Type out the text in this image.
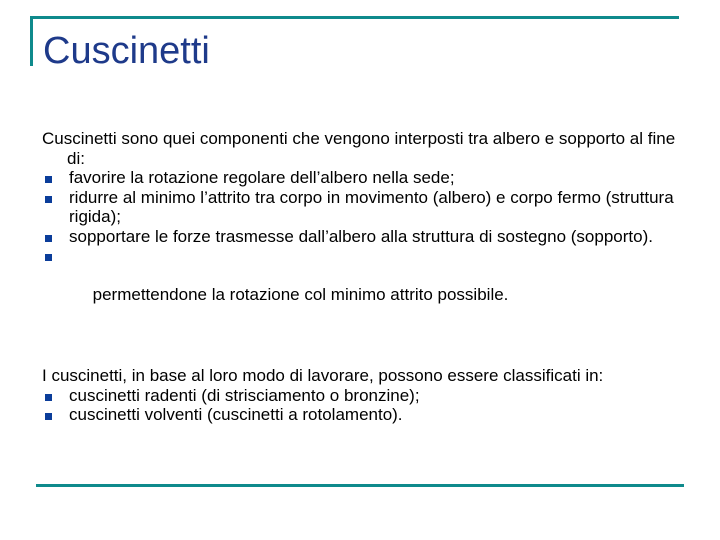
Cuscinetti

Cuscinetti sono quei componenti che vengono interposti tra albero e sopporto al fine di:

favorire la rotazione regolare dell’albero nella sede;

ridurre al minimo l’attrito tra corpo in movimento (albero) e corpo fermo (struttura rigida);

sopportare le forze trasmesse dall’albero alla struttura di sostegno (sopporto).

permettendone la rotazione col minimo attrito possibile.

I cuscinetti, in base al loro modo di lavorare, possono essere classificati in:

cuscinetti radenti (di strisciamento o bronzine);

cuscinetti volventi (cuscinetti a rotolamento).
